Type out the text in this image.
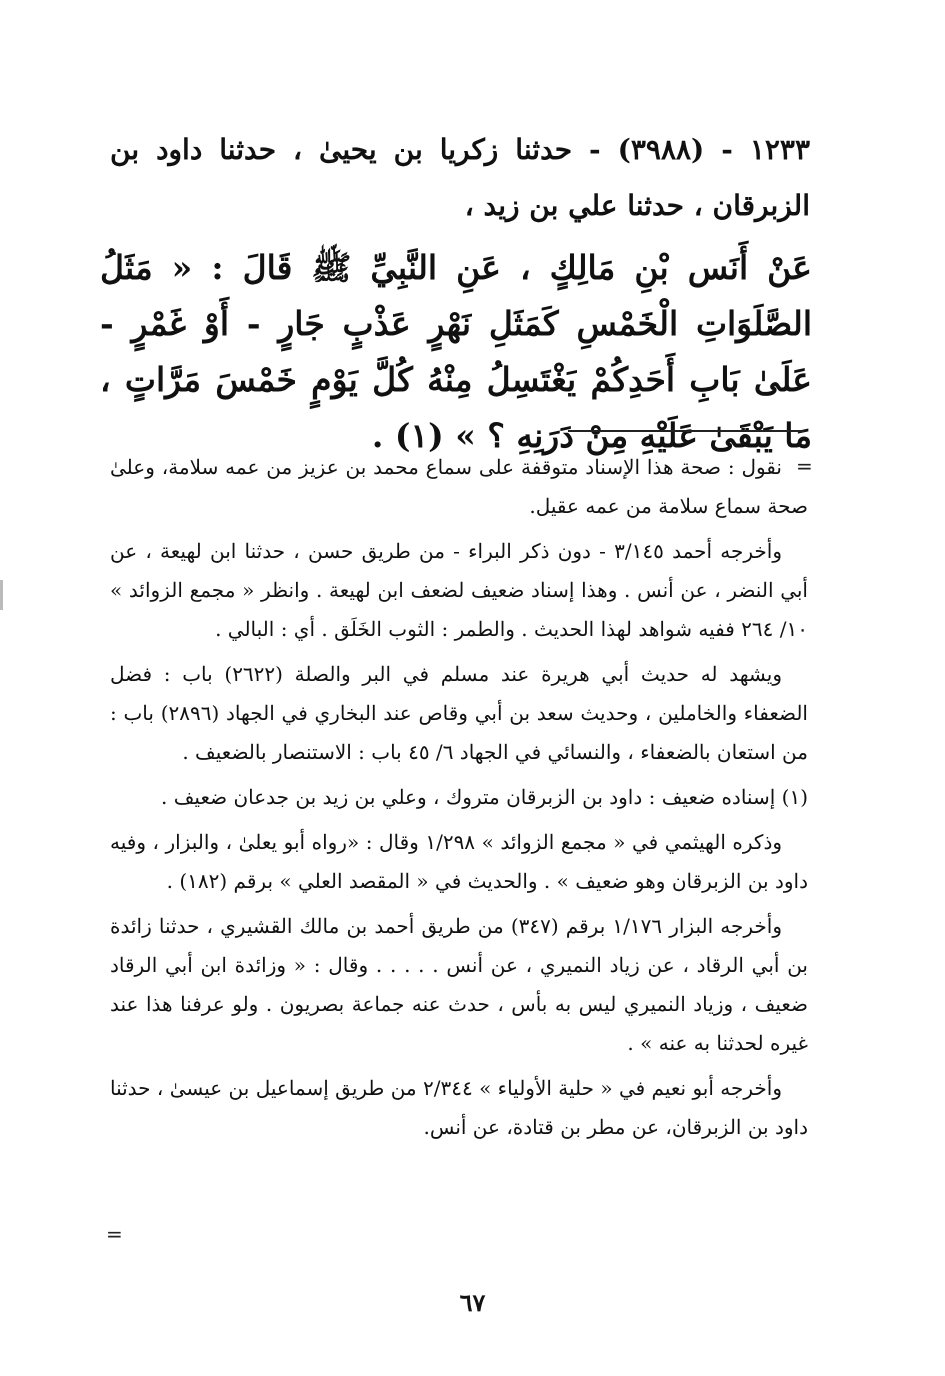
١٢٣٣ - (٣٩٨٨) - حدثنا زكريا بن يحيىٰ ، حدثنا داود بن الزبرقان ، حدثنا علي بن زيد ،
عَنْ أَنَس بْنِ مَالِكٍ ، عَنِ النَّبِيِّ ﷺ قَالَ : « مَثَلُ الصَّلَوَاتِ الْخَمْسِ كَمَثَلِ نَهْرٍ عَذْبٍ جَارٍ - أَوْ غَمْرٍ - عَلَىٰ بَابِ أَحَدِكُمْ يَغْتَسِلُ مِنْهُ كُلَّ يَوْمٍ خَمْسَ مَرَّاتٍ ، مَا يَبْقَىٰ عَلَيْهِ مِنْ دَرَنِهِ ؟ » (١) .
=

نقول : صحة هذا الإسناد متوقفة على سماع محمد بن عزيز من عمه سلامة، وعلىٰ صحة سماع سلامة من عمه عقيل.

وأخرجه أحمد ٣/١٤٥ - دون ذكر البراء - من طريق حسن ، حدثنا ابن لهيعة ، عن أبي النضر ، عن أنس . وهذا إسناد ضعيف لضعف ابن لهيعة . وانظر « مجمع الزوائد » ١٠/ ٢٦٤ ففيه شواهد لهذا الحديث . والطمر : الثوب الخَلَق . أي : البالي .

ويشهد له حديث أبي هريرة عند مسلم في البر والصلة (٢٦٢٢) باب : فضل الضعفاء والخاملين ، وحديث سعد بن أبي وقاص عند البخاري في الجهاد (٢٨٩٦) باب : من استعان بالضعفاء ، والنسائي في الجهاد ٦/ ٤٥ باب : الاستنصار بالضعيف .

(١) إسناده ضعيف : داود بن الزبرقان متروك ، وعلي بن زيد بن جدعان ضعيف .

وذكره الهيثمي في « مجمع الزوائد » ١/٢٩٨ وقال : «رواه أبو يعلىٰ ، والبزار ، وفيه داود بن الزبرقان وهو ضعيف » . والحديث في « المقصد العلي » برقم (١٨٢) .

وأخرجه البزار ١/١٧٦ برقم (٣٤٧) من طريق أحمد بن مالك القشيري ، حدثنا زائدة بن أبي الرقاد ، عن زياد النميري ، عن أنس . . . . . وقال : « وزائدة ابن أبي الرقاد ضعيف ، وزياد النميري ليس به بأس ، حدث عنه جماعة بصريون . ولو عرفنا هذا عند غيره لحدثنا به عنه » .

وأخرجه أبو نعيم في « حلية الأولياء » ٢/٣٤٤ من طريق إسماعيل بن عيسىٰ ، حدثنا داود بن الزبرقان، عن مطر بن قتادة، عن أنس.

=
٦٧
